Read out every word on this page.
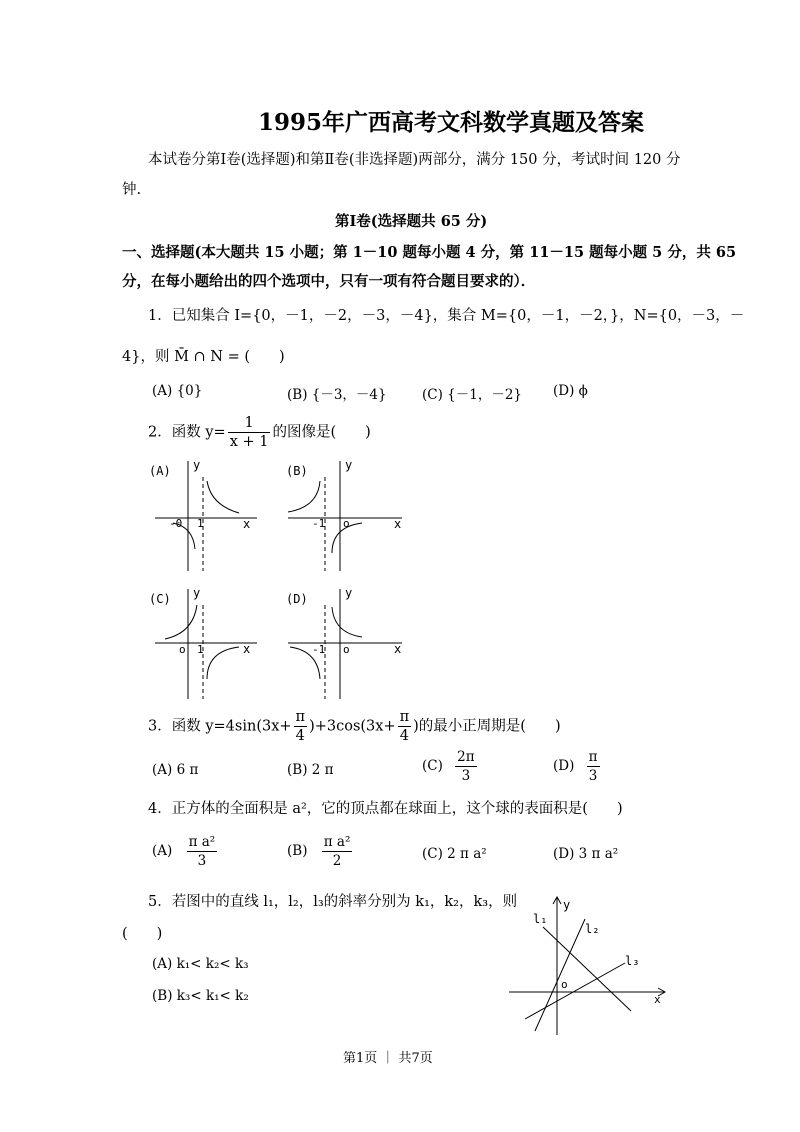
1995年广西高考文科数学真题及答案
本试卷分第Ⅰ卷(选择题)和第Ⅱ卷(非选择题)两部分，满分 150 分，考试时间 120 分
钟.
第Ⅰ卷(选择题共 65 分)
一、选择题(本大题共 15 小题；第 1－10 题每小题 4 分，第 11－15 题每小题 5 分，共 65
分，在每小题给出的四个选项中，只有一项有符合题目要求的）．
1．已知集合 I={0，－1，－2，－3，－4}，集合 M={0，－1，－2，}，N={0，－3，－
4}，则 M̄ ∩ N = (　　)
(A) {0}	(B) {－3，－4}	(C) {－1，－2} (D) ϕ
2．函数 $y= \frac{1}{x + 1}$ 的图像是(　　)
(A) y
x
-0 1
(B)	y
x
-1 o
(C) y
x
o 1
(D)	y
x
-1 o
3．函数 $y=4\sin(3x+ \frac{\pi}{4} )+3\cos(3x+ \frac{\pi}{4}$ )的最小正周期是(　　)
(A) 6 π	(B) 2 π	$(C) \frac{2\pi}{3}$	$(D) \frac{\pi}{3}$
4．正方体的全面积是 a²，它的顶点都在球面上，这个球的表面积是(　　)
$(A) \frac{\text{π a²}}{3}$	$(B) \frac{\text{π a²}}{2}$	(C) 2 π a²	(D) 3 π a²
5．若图中的直线 l₁，l₂，l₃的斜率分别为 k₁，k₂，k₃，则
(　　)
(A) k₁< k₂< k₃
(B) k₃< k₁< k₂
y
x
o
l₁
l₂
l₃
第1页 ｜ 共7页
